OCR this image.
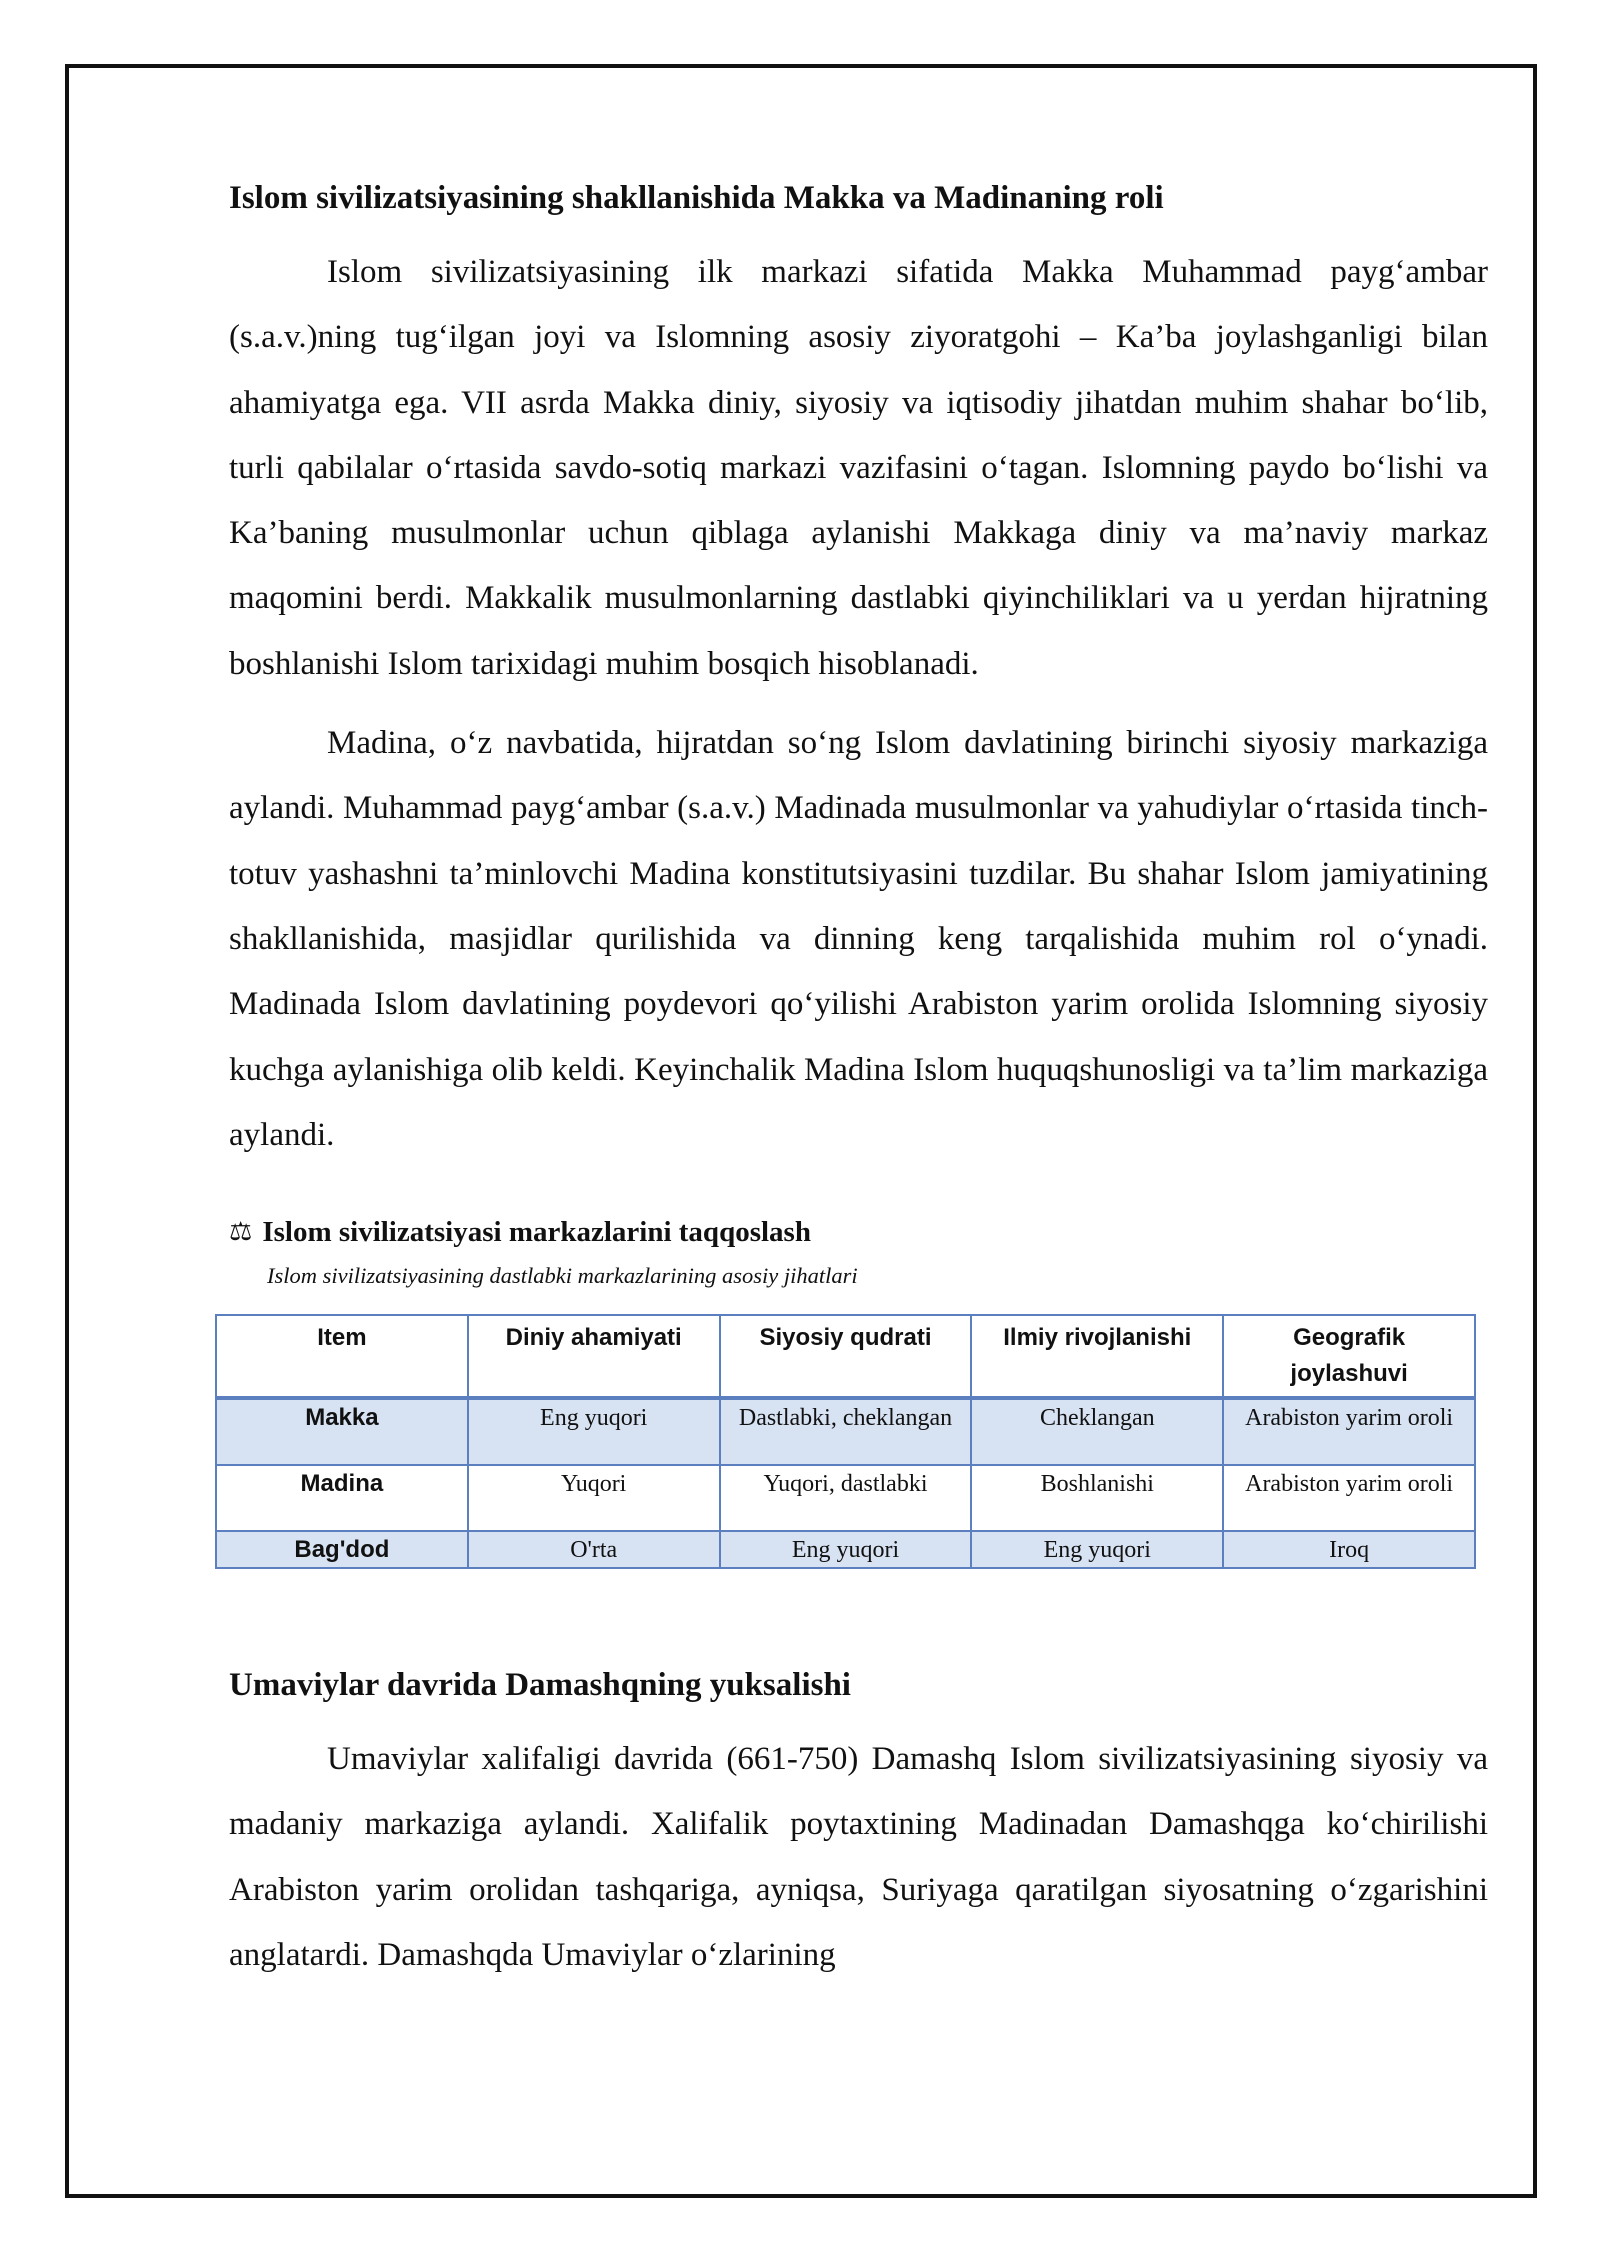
Islom sivilizatsiyasining shakllanishida Makka va Madinaning roli

Islom sivilizatsiyasining ilk markazi sifatida Makka Muhammad payg‘ambar (s.a.v.)ning tug‘ilgan joyi va Islomning asosiy ziyoratgohi – Ka’ba joylashganligi bilan ahamiyatga ega. VII asrda Makka diniy, siyosiy va iqtisodiy jihatdan muhim shahar bo‘lib, turli qabilalar o‘rtasida savdo-sotiq markazi vazifasini o‘tagan. Islomning paydo bo‘lishi va Ka’baning musulmonlar uchun qiblaga aylanishi Makkaga diniy va ma’naviy markaz maqomini berdi. Makkalik musulmonlarning dastlabki qiyinchiliklari va u yerdan hijratning boshlanishi Islom tarixidagi muhim bosqich hisoblanadi.

Madina, o‘z navbatida, hijratdan so‘ng Islom davlatining birinchi siyosiy markaziga aylandi. Muhammad payg‘ambar (s.a.v.) Madinada musulmonlar va yahudiylar o‘rtasida tinch-totuv yashashni ta’minlovchi Madina konstitutsiyasini tuzdilar. Bu shahar Islom jamiyatining shakllanishida, masjidlar qurilishida va dinning keng tarqalishida muhim rol o‘ynadi. Madinada Islom davlatining poydevori qo‘yilishi Arabiston yarim orolida Islomning siyosiy kuchga aylanishiga olib keldi. Keyinchalik Madina Islom huquqshunosligi va ta’lim markaziga aylandi.

⚖ Islom sivilizatsiyasi markazlarini taqqoslash
Islom sivilizatsiyasining dastlabki markazlarining asosiy jihatlari
Item	Diniy ahamiyati	Siyosiy qudrati	Ilmiy rivojlanishi	Geografik joylashuvi
Makka	Eng yuqori	Dastlabki, cheklangan	Cheklangan	Arabiston yarim oroli
Madina	Yuqori	Yuqori, dastlabki	Boshlanishi	Arabiston yarim oroli
Bag'dod	O'rta	Eng yuqori	Eng yuqori	Iroq
Umaviylar davrida Damashqning yuksalishi

Umaviylar xalifaligi davrida (661-750) Damashq Islom sivilizatsiyasining siyosiy va madaniy markaziga aylandi. Xalifalik poytaxtining Madinadan Damashqga ko‘chirilishi Arabiston yarim orolidan tashqariga, ayniqsa, Suriyaga qaratilgan siyosatning o‘zgarishini anglatardi. Damashqda Umaviylar o‘zlarining
